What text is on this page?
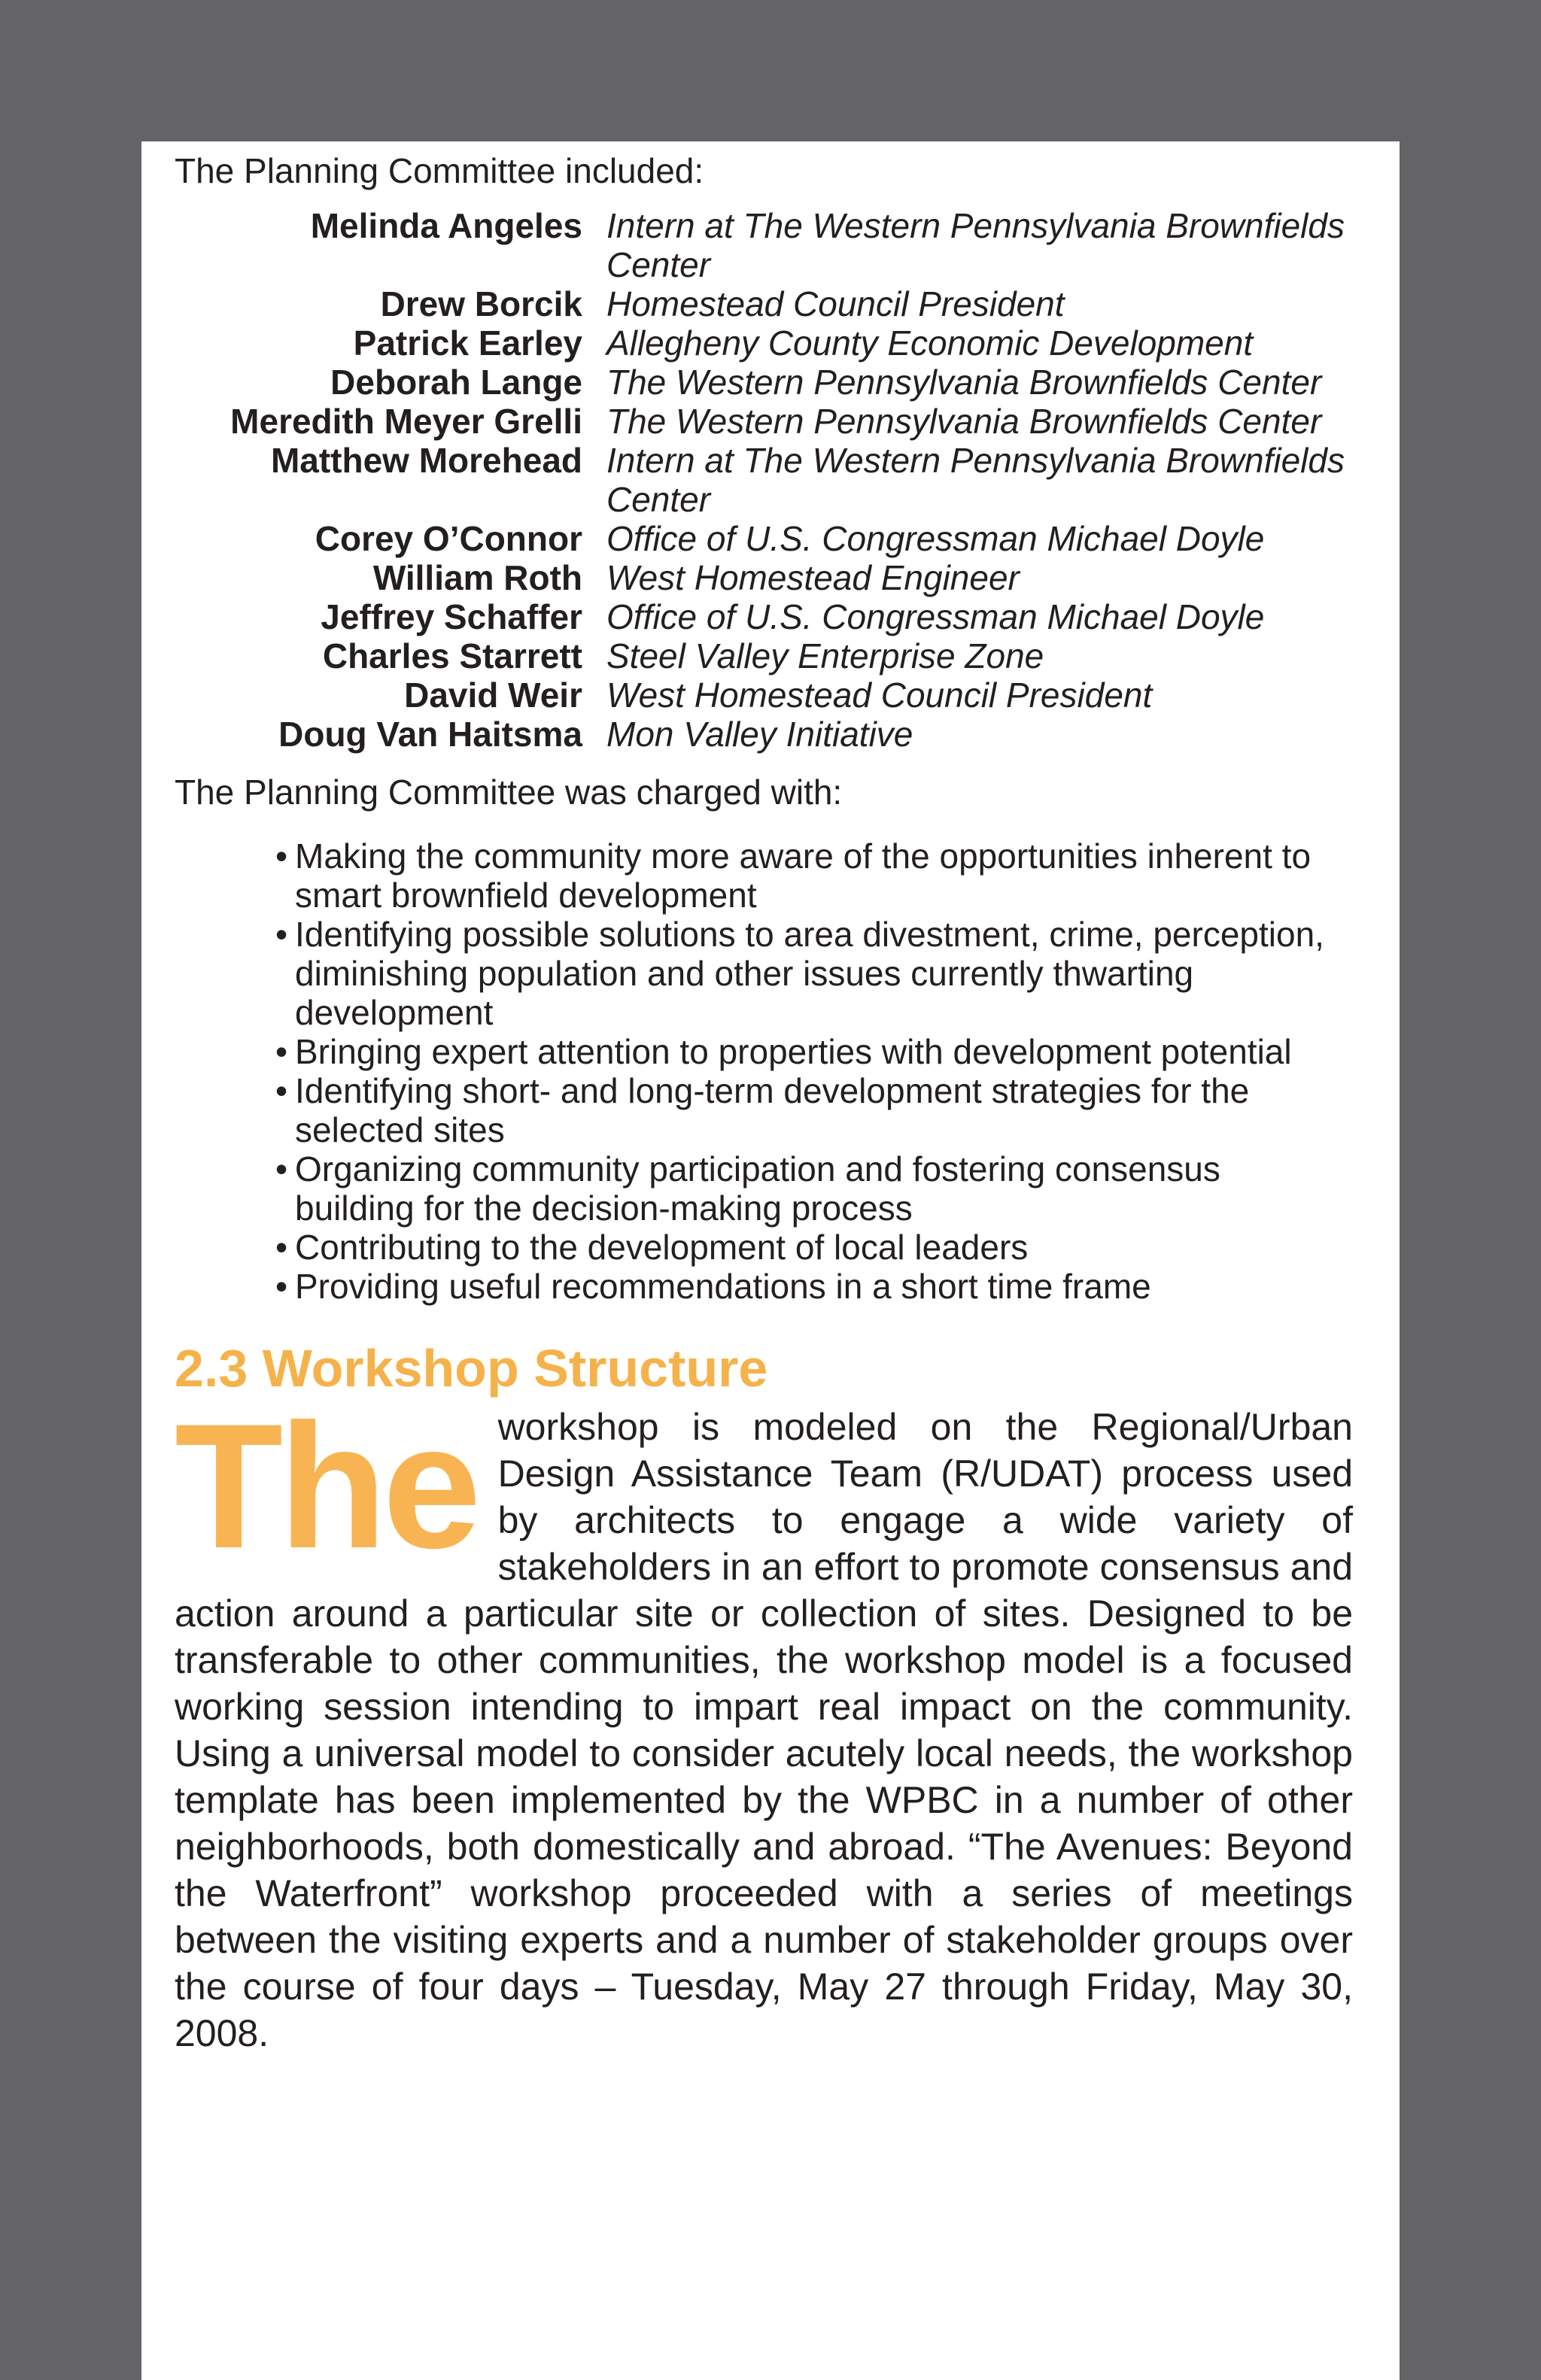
The Planning Committee included:

Melinda Angeles Intern at The Western Pennsylvania Brownfields Center
Drew Borcik Homestead Council President
Patrick Earley Allegheny County Economic Development
Deborah Lange The Western Pennsylvania Brownfields Center
Meredith Meyer Grelli The Western Pennsylvania Brownfields Center
Matthew Morehead Intern at The Western Pennsylvania Brownfields Center
Corey O’Connor Office of U.S. Congressman Michael Doyle
William Roth West Homestead Engineer
Jeffrey Schaffer Office of U.S. Congressman Michael Doyle
Charles Starrett Steel Valley Enterprise Zone
David Weir West Homestead Council President
Doug Van Haitsma Mon Valley Initiative

The Planning Committee was charged with:

• Making the community more aware of the opportunities inherent to smart brownfield development
• Identifying possible solutions to area divestment, crime, perception, diminishing population and other issues currently thwarting development
• Bringing expert attention to properties with development potential
• Identifying short- and long-term development strategies for the selected sites
• Organizing community participation and fostering consensus building for the decision-making process
• Contributing to the development of local leaders
• Providing useful recommendations in a short time frame
2.3 Workshop Structure
The workshop is modeled on the Regional/Urban Design Assistance Team (R/UDAT) process used by architects to engage a wide variety of stakeholders in an effort to promote consensus and action around a particular site or collection of sites. Designed to be transferable to other communities, the workshop model is a focused working session intending to impart real impact on the community. Using a universal model to consider acutely local needs, the workshop template has been implemented by the WPBC in a number of other neighborhoods, both domestically and abroad. “The Avenues: Beyond the Waterfront” workshop proceeded with a series of meetings between the visiting experts and a number of stakeholder groups over the course of four days – Tuesday, May 27 through Friday, May 30, 2008.
